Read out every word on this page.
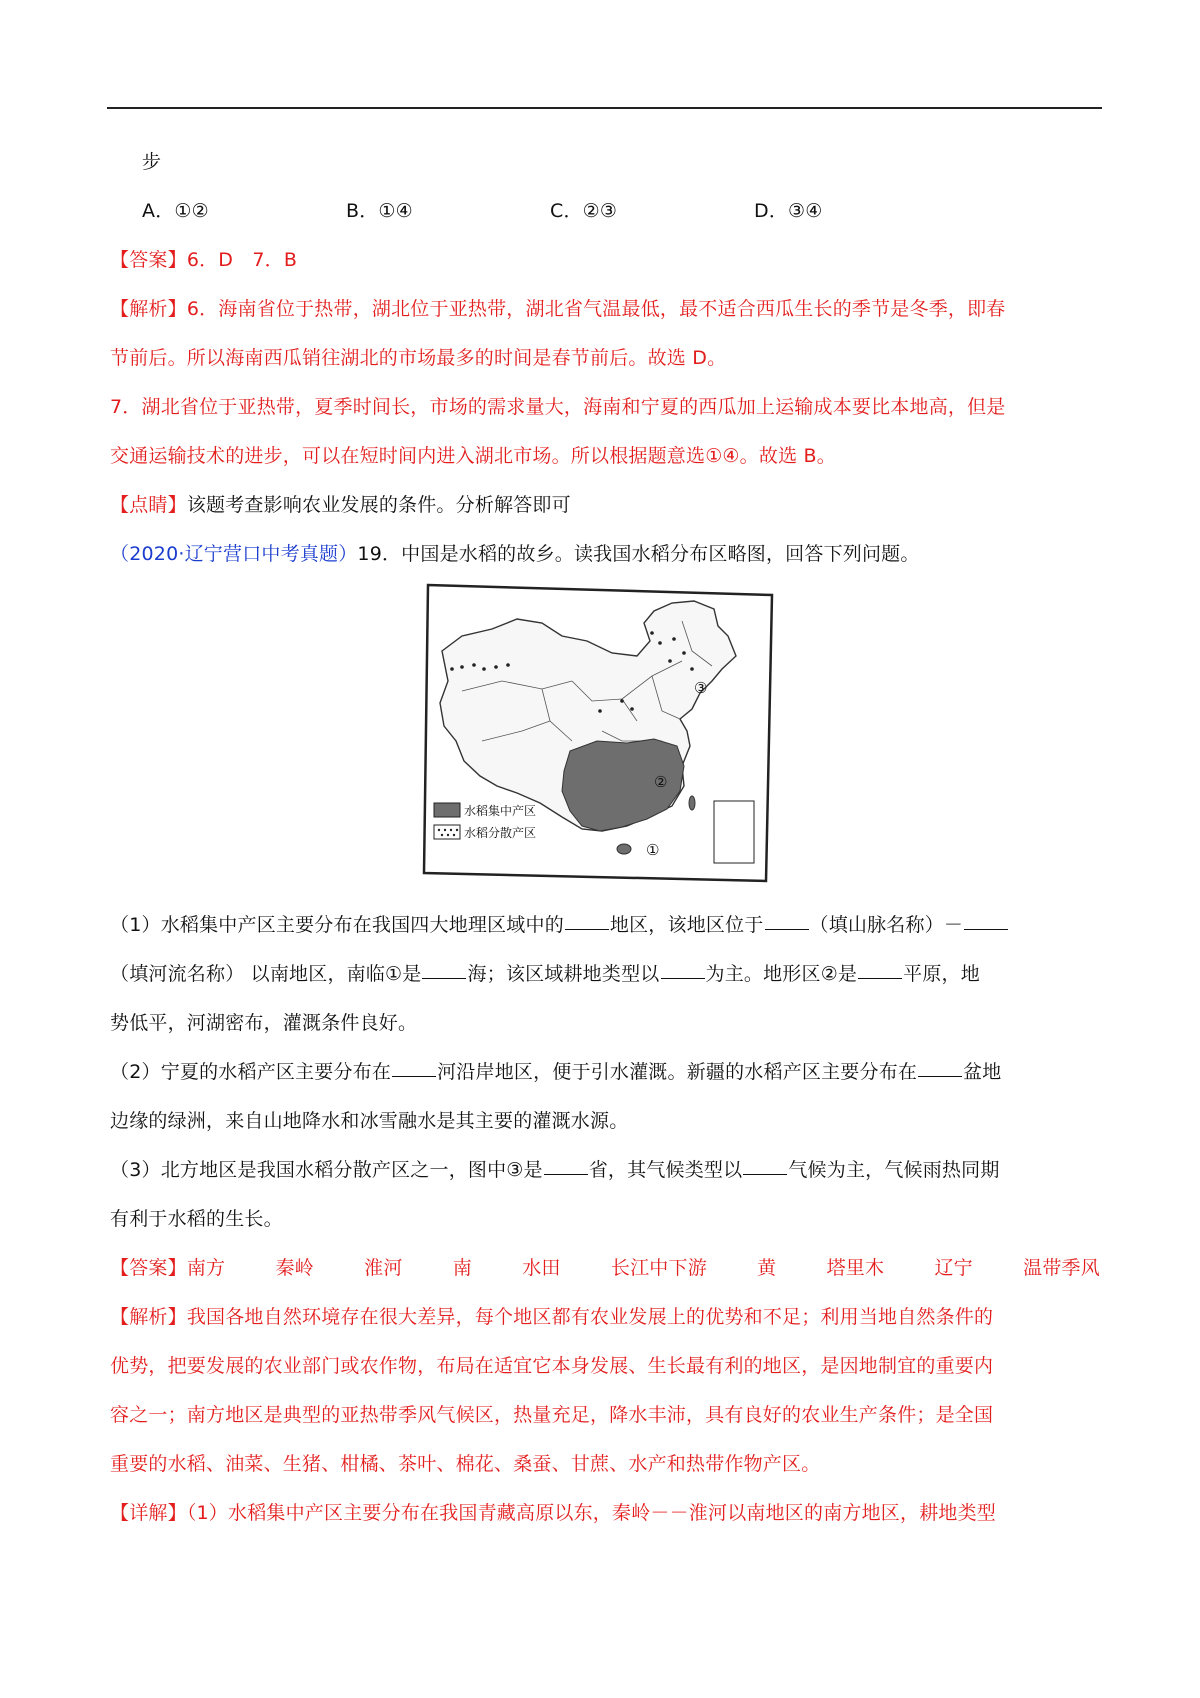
步
A．①②	B．①④	C．②③	D．③④
【答案】6．D　7．B
【解析】6．海南省位于热带，湖北位于亚热带，湖北省气温最低，最不适合西瓜生长的季节是冬季，即春
节前后。所以海南西瓜销往湖北的市场最多的时间是春节前后。故选 D。
7．湖北省位于亚热带，夏季时间长，市场的需求量大，海南和宁夏的西瓜加上运输成本要比本地高，但是
交通运输技术的进步，可以在短时间内进入湖北市场。所以根据题意选①④。故选 B。
【点睛】该题考查影响农业发展的条件。分析解答即可
（2020·辽宁营口中考真题）19．中国是水稻的故乡。读我国水稻分布区略图，回答下列问题。
①
②
③
水稻集中产区
水稻分散产区
（1）水稻集中产区主要分布在我国四大地理区域中的 地区，该地区位于 （填山脉名称）－
（填河流名称） 以南地区，南临①是 海；该区域耕地类型以 为主。地形区②是 平原，地
势低平，河湖密布，灌溉条件良好。
（2）宁夏的水稻产区主要分布在 河沿岸地区，便于引水灌溉。新疆的水稻产区主要分布在 盆地
边缘的绿洲，来自山地降水和冰雪融水是其主要的灌溉水源。
（3）北方地区是我国水稻分散产区之一，图中③是 省，其气候类型以 气候为主，气候雨热同期
有利于水稻的生长。
【答案】南方	秦岭	淮河	南	水田	长江中下游	黄	塔里木	辽宁	温带季风
【解析】我国各地自然环境存在很大差异，每个地区都有农业发展上的优势和不足；利用当地自然条件的
优势，把要发展的农业部门或农作物，布局在适宜它本身发展、生长最有利的地区，是因地制宜的重要内
容之一；南方地区是典型的亚热带季风气候区，热量充足，降水丰沛，具有良好的农业生产条件；是全国
重要的水稻、油菜、生猪、柑橘、茶叶、棉花、桑蚕、甘蔗、水产和热带作物产区。
【详解】（1）水稻集中产区主要分布在我国青藏高原以东，秦岭－－淮河以南地区的南方地区，耕地类型
